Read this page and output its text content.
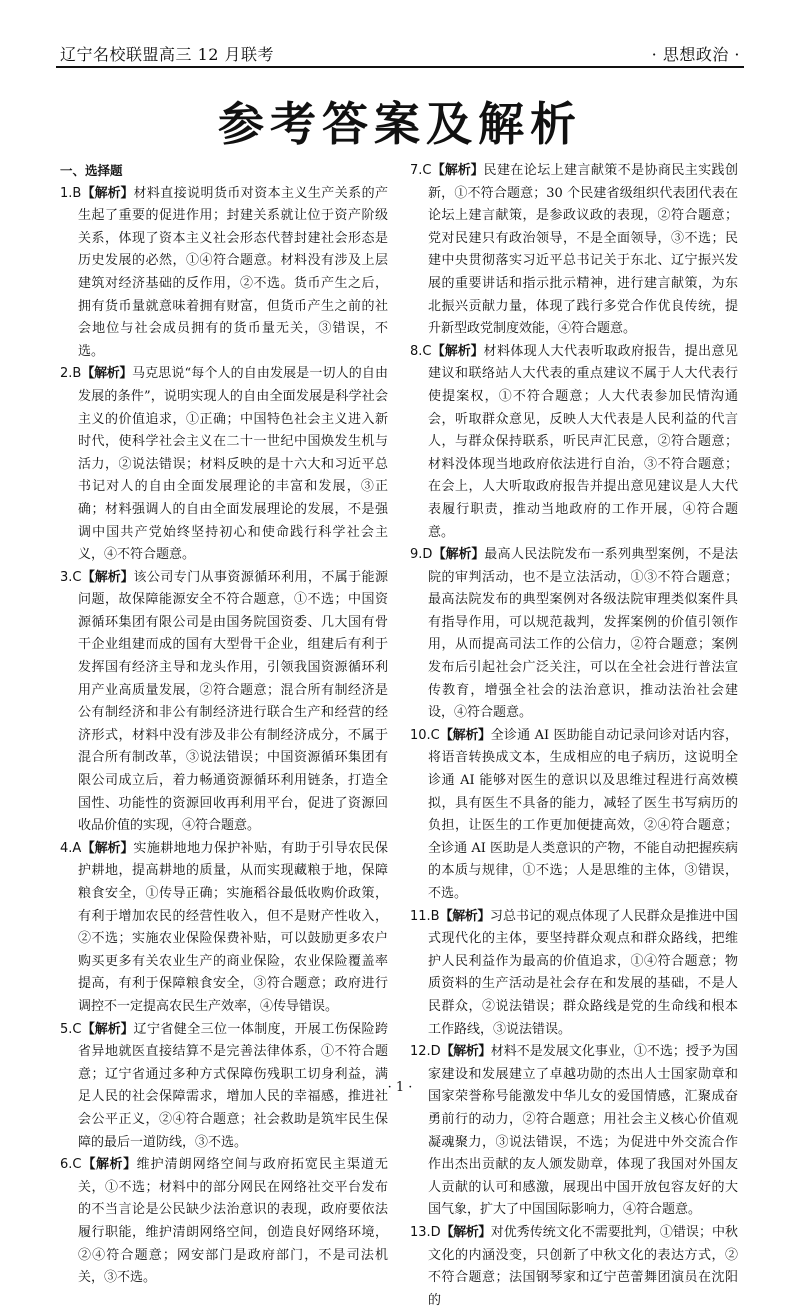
辽宁名校联盟高三 12 月联考	· 思想政治 ·
参考答案及解析

一、选择题

1.B【解析】材料直接说明货币对资本主义生产关系的产生起了重要的促进作用；封建关系就让位于资产阶级关系，体现了资本主义社会形态代替封建社会形态是历史发展的必然，①④符合题意。材料没有涉及上层建筑对经济基础的反作用，②不选。货币产生之后，拥有货币量就意味着拥有财富，但货币产生之前的社会地位与社会成员拥有的货币量无关，③错误，不选。

2.B【解析】马克思说“每个人的自由发展是一切人的自由发展的条件”，说明实现人的自由全面发展是科学社会主义的价值追求，①正确；中国特色社会主义进入新时代，使科学社会主义在二十一世纪中国焕发生机与活力，②说法错误；材料反映的是十六大和习近平总书记对人的自由全面发展理论的丰富和发展，③正确；材料强调人的自由全面发展理论的发展，不是强调中国共产党始终坚持初心和使命践行科学社会主义，④不符合题意。

3.C【解析】该公司专门从事资源循环利用，不属于能源问题，故保障能源安全不符合题意，①不选；中国资源循环集团有限公司是由国务院国资委、几大国有骨干企业组建而成的国有大型骨干企业，组建后有利于发挥国有经济主导和龙头作用，引领我国资源循环利用产业高质量发展，②符合题意；混合所有制经济是公有制经济和非公有制经济进行联合生产和经营的经济形式，材料中没有涉及非公有制经济成分，不属于混合所有制改革，③说法错误；中国资源循环集团有限公司成立后，着力畅通资源循环利用链条，打造全国性、功能性的资源回收再利用平台，促进了资源回收品价值的实现，④符合题意。

4.A【解析】实施耕地地力保护补贴，有助于引导农民保护耕地，提高耕地的质量，从而实现藏粮于地，保障粮食安全，①传导正确；实施稻谷最低收购价政策，有利于增加农民的经营性收入，但不是财产性收入，②不选；实施农业保险保费补贴，可以鼓励更多农户购买更多有关农业生产的商业保险，农业保险覆盖率提高，有利于保障粮食安全，③符合题意；政府进行调控不一定提高农民生产效率，④传导错误。

5.C【解析】辽宁省健全三位一体制度，开展工伤保险跨省异地就医直接结算不是完善法律体系，①不符合题意；辽宁省通过多种方式保障伤残职工切身利益，满足人民的社会保障需求，增加人民的幸福感，推进社会公平正义，②④符合题意；社会救助是筑牢民生保障的最后一道防线，③不选。

6.C【解析】维护清朗网络空间与政府拓宽民主渠道无关，①不选；材料中的部分网民在网络社交平台发布的不当言论是公民缺少法治意识的表现，政府要依法履行职能，维护清朗网络空间，创造良好网络环境，②④符合题意；网安部门是政府部门，不是司法机关，③不选。

7.C【解析】民建在论坛上建言献策不是协商民主实践创新，①不符合题意；30 个民建省级组织代表团代表在论坛上建言献策，是参政议政的表现，②符合题意；党对民建只有政治领导，不是全面领导，③不选；民建中央贯彻落实习近平总书记关于东北、辽宁振兴发展的重要讲话和指示批示精神，进行建言献策，为东北振兴贡献力量，体现了践行多党合作优良传统，提升新型政党制度效能，④符合题意。

8.C【解析】材料体现人大代表听取政府报告，提出意见建议和联络站人大代表的重点建议不属于人大代表行使提案权，①不符合题意；人大代表参加民情沟通会，听取群众意见，反映人大代表是人民利益的代言人，与群众保持联系，听民声汇民意，②符合题意；材料没体现当地政府依法进行自治，③不符合题意；在会上，人大听取政府报告并提出意见建议是人大代表履行职责，推动当地政府的工作开展，④符合题意。

9.D【解析】最高人民法院发布一系列典型案例，不是法院的审判活动，也不是立法活动，①③不符合题意；最高法院发布的典型案例对各级法院审理类似案件具有指导作用，可以规范裁判，发挥案例的价值引领作用，从而提高司法工作的公信力，②符合题意；案例发布后引起社会广泛关注，可以在全社会进行普法宣传教育，增强全社会的法治意识，推动法治社会建设，④符合题意。

10.C【解析】全诊通 AI 医助能自动记录问诊对话内容，将语音转换成文本，生成相应的电子病历，这说明全诊通 AI 能够对医生的意识以及思维过程进行高效模拟，具有医生不具备的能力，减轻了医生书写病历的负担，让医生的工作更加便捷高效，②④符合题意；全诊通 AI 医助是人类意识的产物，不能自动把握疾病的本质与规律，①不选；人是思维的主体，③错误，不选。

11.B【解析】习总书记的观点体现了人民群众是推进中国式现代化的主体，要坚持群众观点和群众路线，把维护人民利益作为最高的价值追求，①④符合题意；物质资料的生产活动是社会存在和发展的基础，不是人民群众，②说法错误；群众路线是党的生命线和根本工作路线，③说法错误。

12.D【解析】材料不是发展文化事业，①不选；授予为国家建设和发展建立了卓越功勋的杰出人士国家勋章和国家荣誉称号能激发中华儿女的爱国情感，汇聚成奋勇前行的动力，②符合题意；用社会主义核心价值观凝魂聚力，③说法错误，不选；为促进中外交流合作作出杰出贡献的友人颁发勋章，体现了我国对外国友人贡献的认可和感激，展现出中国开放包容友好的大国气象，扩大了中国国际影响力，④符合题意。

13.D【解析】对优秀传统文化不需要批判，①错误；中秋文化的内涵没变，只创新了中秋文化的表达方式，②不符合题意；法国钢琴家和辽宁芭蕾舞团演员在沈阳的

· 1 ·
